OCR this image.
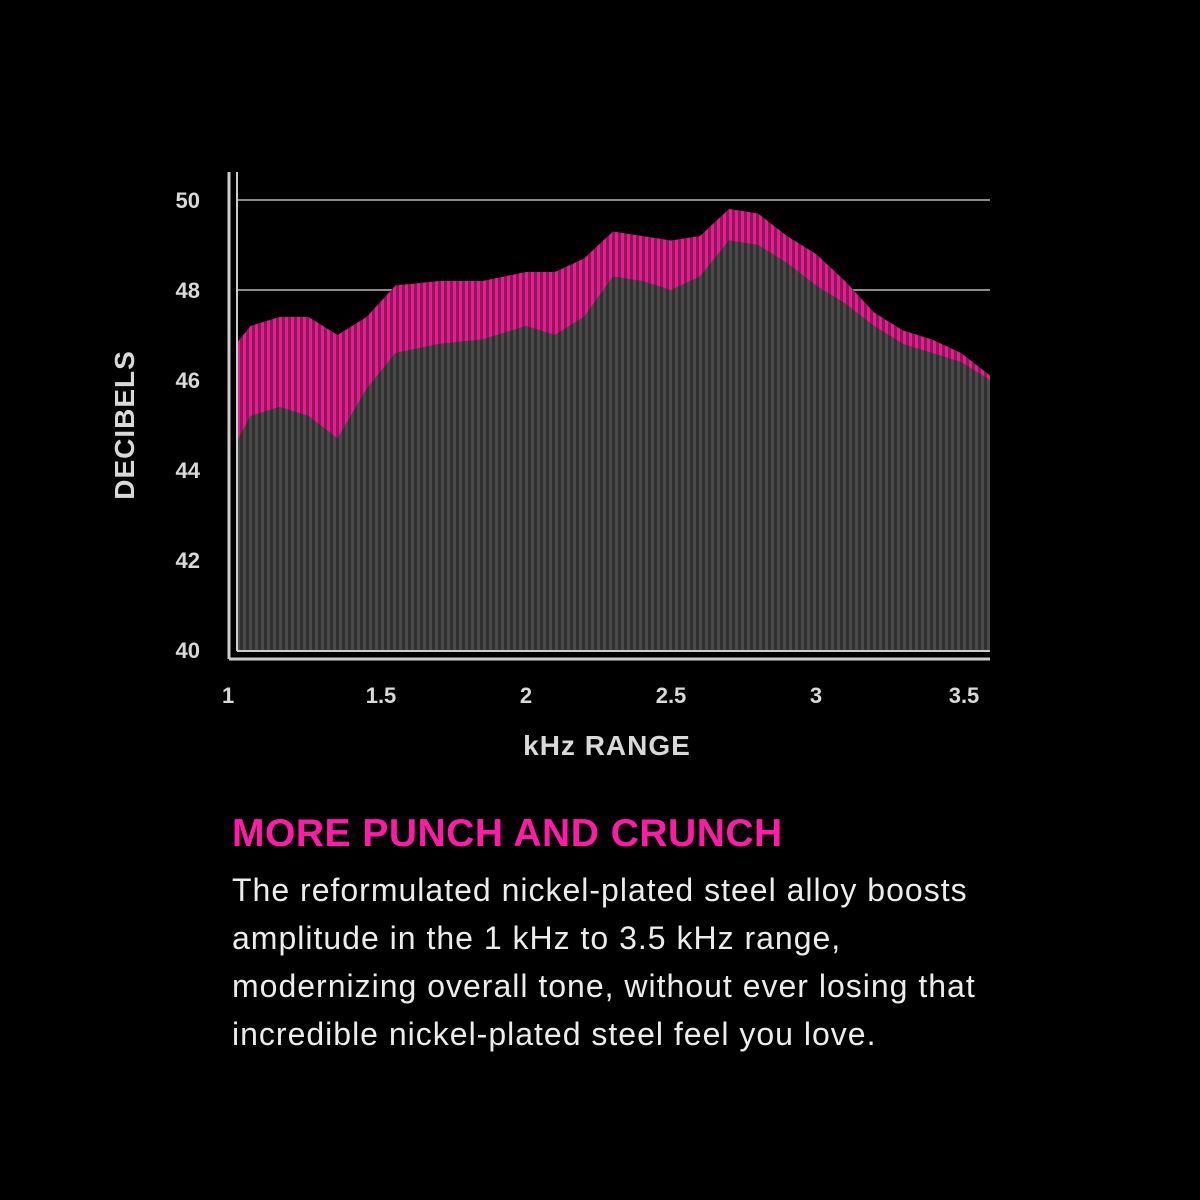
40
42
44
46
48
50
1	1.5	2	2.5	3	3.5
kHz RANGE
DECIBELS
MORE PUNCH AND CRUNCH

The reformulated nickel-plated steel alloy boosts amplitude in the 1 kHz to 3.5 kHz range, modernizing overall tone, without ever losing that incredible nickel-plated steel feel you love.
